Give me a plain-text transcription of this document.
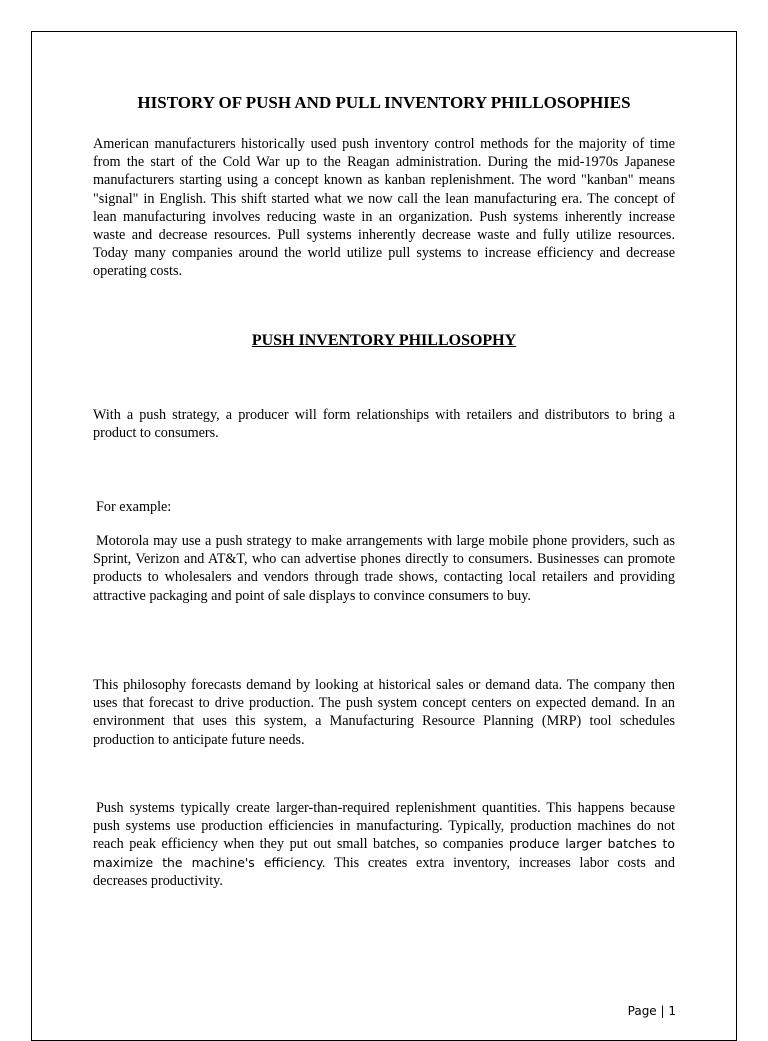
HISTORY OF PUSH AND PULL INVENTORY PHILLOSOPHIES

American manufacturers historically used push inventory control methods for the majority of time from the start of the Cold War up to the Reagan administration. During the mid-1970s Japanese manufacturers starting using a concept known as kanban replenishment. The word "kanban" means "signal" in English. This shift started what we now call the lean manufacturing era. The concept of lean manufacturing involves reducing waste in an organization. Push systems inherently increase waste and decrease resources. Pull systems inherently decrease waste and fully utilize resources. Today many companies around the world utilize pull systems to increase efficiency and decrease operating costs.

PUSH INVENTORY PHILLOSOPHY

With a push strategy, a producer will form relationships with retailers and distributors to bring a product to consumers.

For example:

Motorola may use a push strategy to make arrangements with large mobile phone providers, such as Sprint, Verizon and AT&T, who can advertise phones directly to consumers. Businesses can promote products to wholesalers and vendors through trade shows, contacting local retailers and providing attractive packaging and point of sale displays to convince consumers to buy.

This philosophy forecasts demand by looking at historical sales or demand data. The company then uses that forecast to drive production. The push system concept centers on expected demand. In an environment that uses this system, a Manufacturing Resource Planning (MRP) tool schedules production to anticipate future needs.

Push systems typically create larger-than-required replenishment quantities. This happens because push systems use production efficiencies in manufacturing. Typically, production machines do not reach peak efficiency when they put out small batches, so companies produce larger batches to maximize the machine's efficiency. This creates extra inventory, increases labor costs and decreases productivity.

Page | 1
